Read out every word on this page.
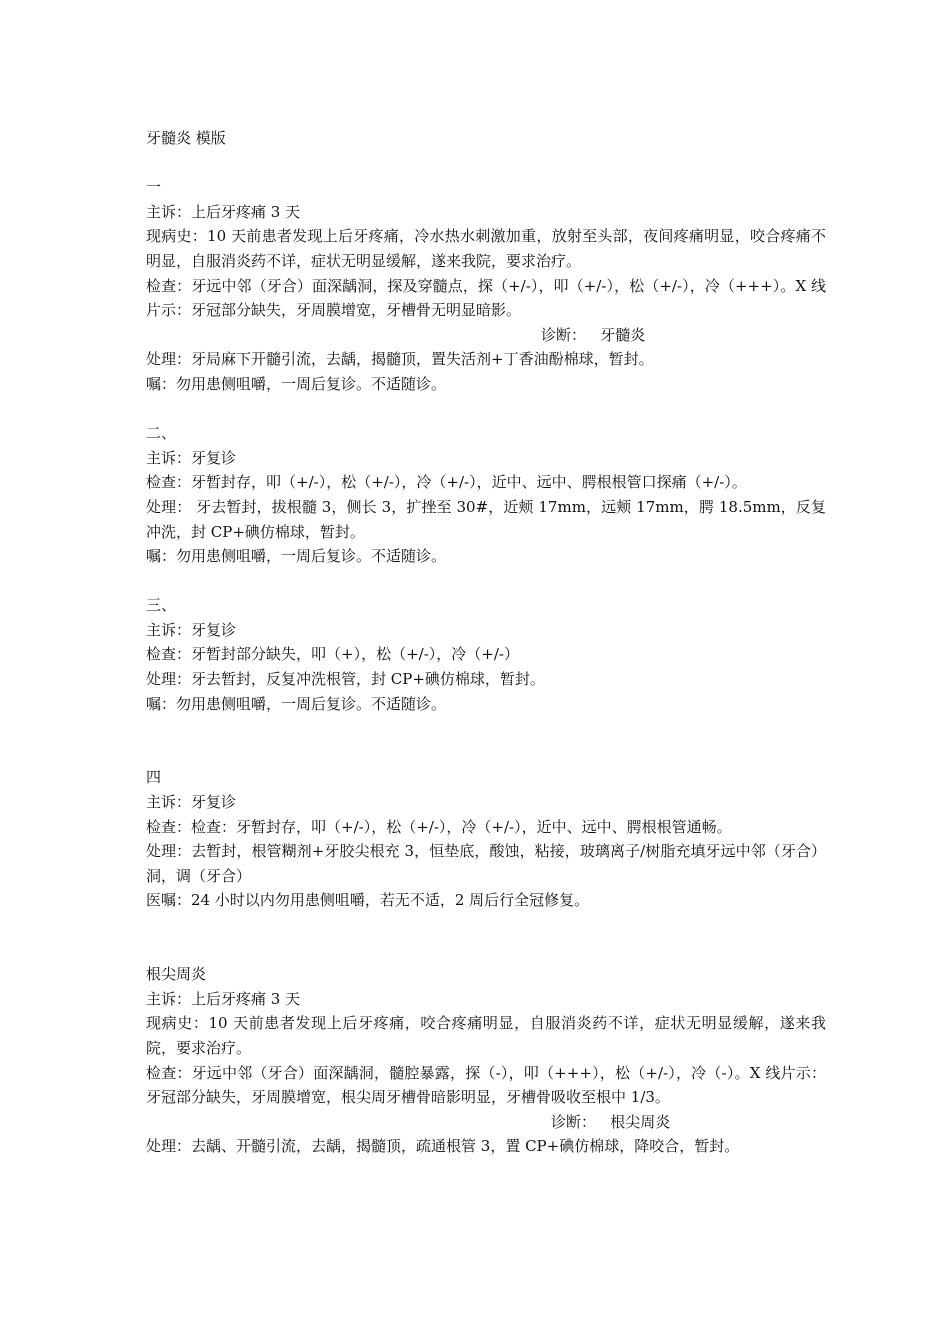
牙髓炎 模版
一
主诉：上后牙疼痛 3 天
现病史：10 天前患者发现上后牙疼痛，冷水热水刺激加重，放射至头部，夜间疼痛明显，咬合疼痛不明显，自服消炎药不详，症状无明显缓解，遂来我院，要求治疗。
检查：牙远中邻（牙合）面深龋洞，探及穿髓点，探（+/-），叩（+/-），松（+/-），冷（+++）。X 线片示：牙冠部分缺失，牙周膜增宽，牙槽骨无明显暗影。
诊断：   牙髓炎
处理：牙局麻下开髓引流，去龋，揭髓顶，置失活剂+丁香油酚棉球，暂封。
嘱：勿用患侧咀嚼，一周后复诊。不适随诊。
二、
主诉：牙复诊
检查：牙暂封存，叩（+/-），松（+/-），冷（+/-），近中、远中、腭根根管口探痛（+/-）。
处理： 牙去暂封，拔根髓 3，侧长 3，扩挫至 30#，近颊 17mm，远颊 17mm，腭 18.5mm，反复冲洗，封 CP+碘仿棉球，暂封。
嘱：勿用患侧咀嚼，一周后复诊。不适随诊。
三、
主诉：牙复诊
检查：牙暂封部分缺失，叩（+），松（+/-），冷（+/-）
处理：牙去暂封，反复冲洗根管，封 CP+碘仿棉球，暂封。
嘱：勿用患侧咀嚼，一周后复诊。不适随诊。
四
主诉：牙复诊
检查：检查：牙暂封存，叩（+/-），松（+/-），冷（+/-），近中、远中、腭根根管通畅。
处理：去暂封，根管糊剂+牙胶尖根充 3，恒垫底，酸蚀，粘接，玻璃离子/树脂充填牙远中邻（牙合）洞，调（牙合）
医嘱：24 小时以内勿用患侧咀嚼，若无不适，2 周后行全冠修复。
根尖周炎
主诉：上后牙疼痛 3 天
现病史：10 天前患者发现上后牙疼痛，咬合疼痛明显，自服消炎药不详，症状无明显缓解，遂来我院，要求治疗。
检查：牙远中邻（牙合）面深龋洞，髓腔暴露，探（-），叩（+++），松（+/-），冷（-）。X 线片示：牙冠部分缺失，牙周膜增宽，根尖周牙槽骨暗影明显，牙槽骨吸收至根中 1/3。
诊断：   根尖周炎
处理：去龋、开髓引流，去龋，揭髓顶，疏通根管 3，置 CP+碘仿棉球，降咬合，暂封。
